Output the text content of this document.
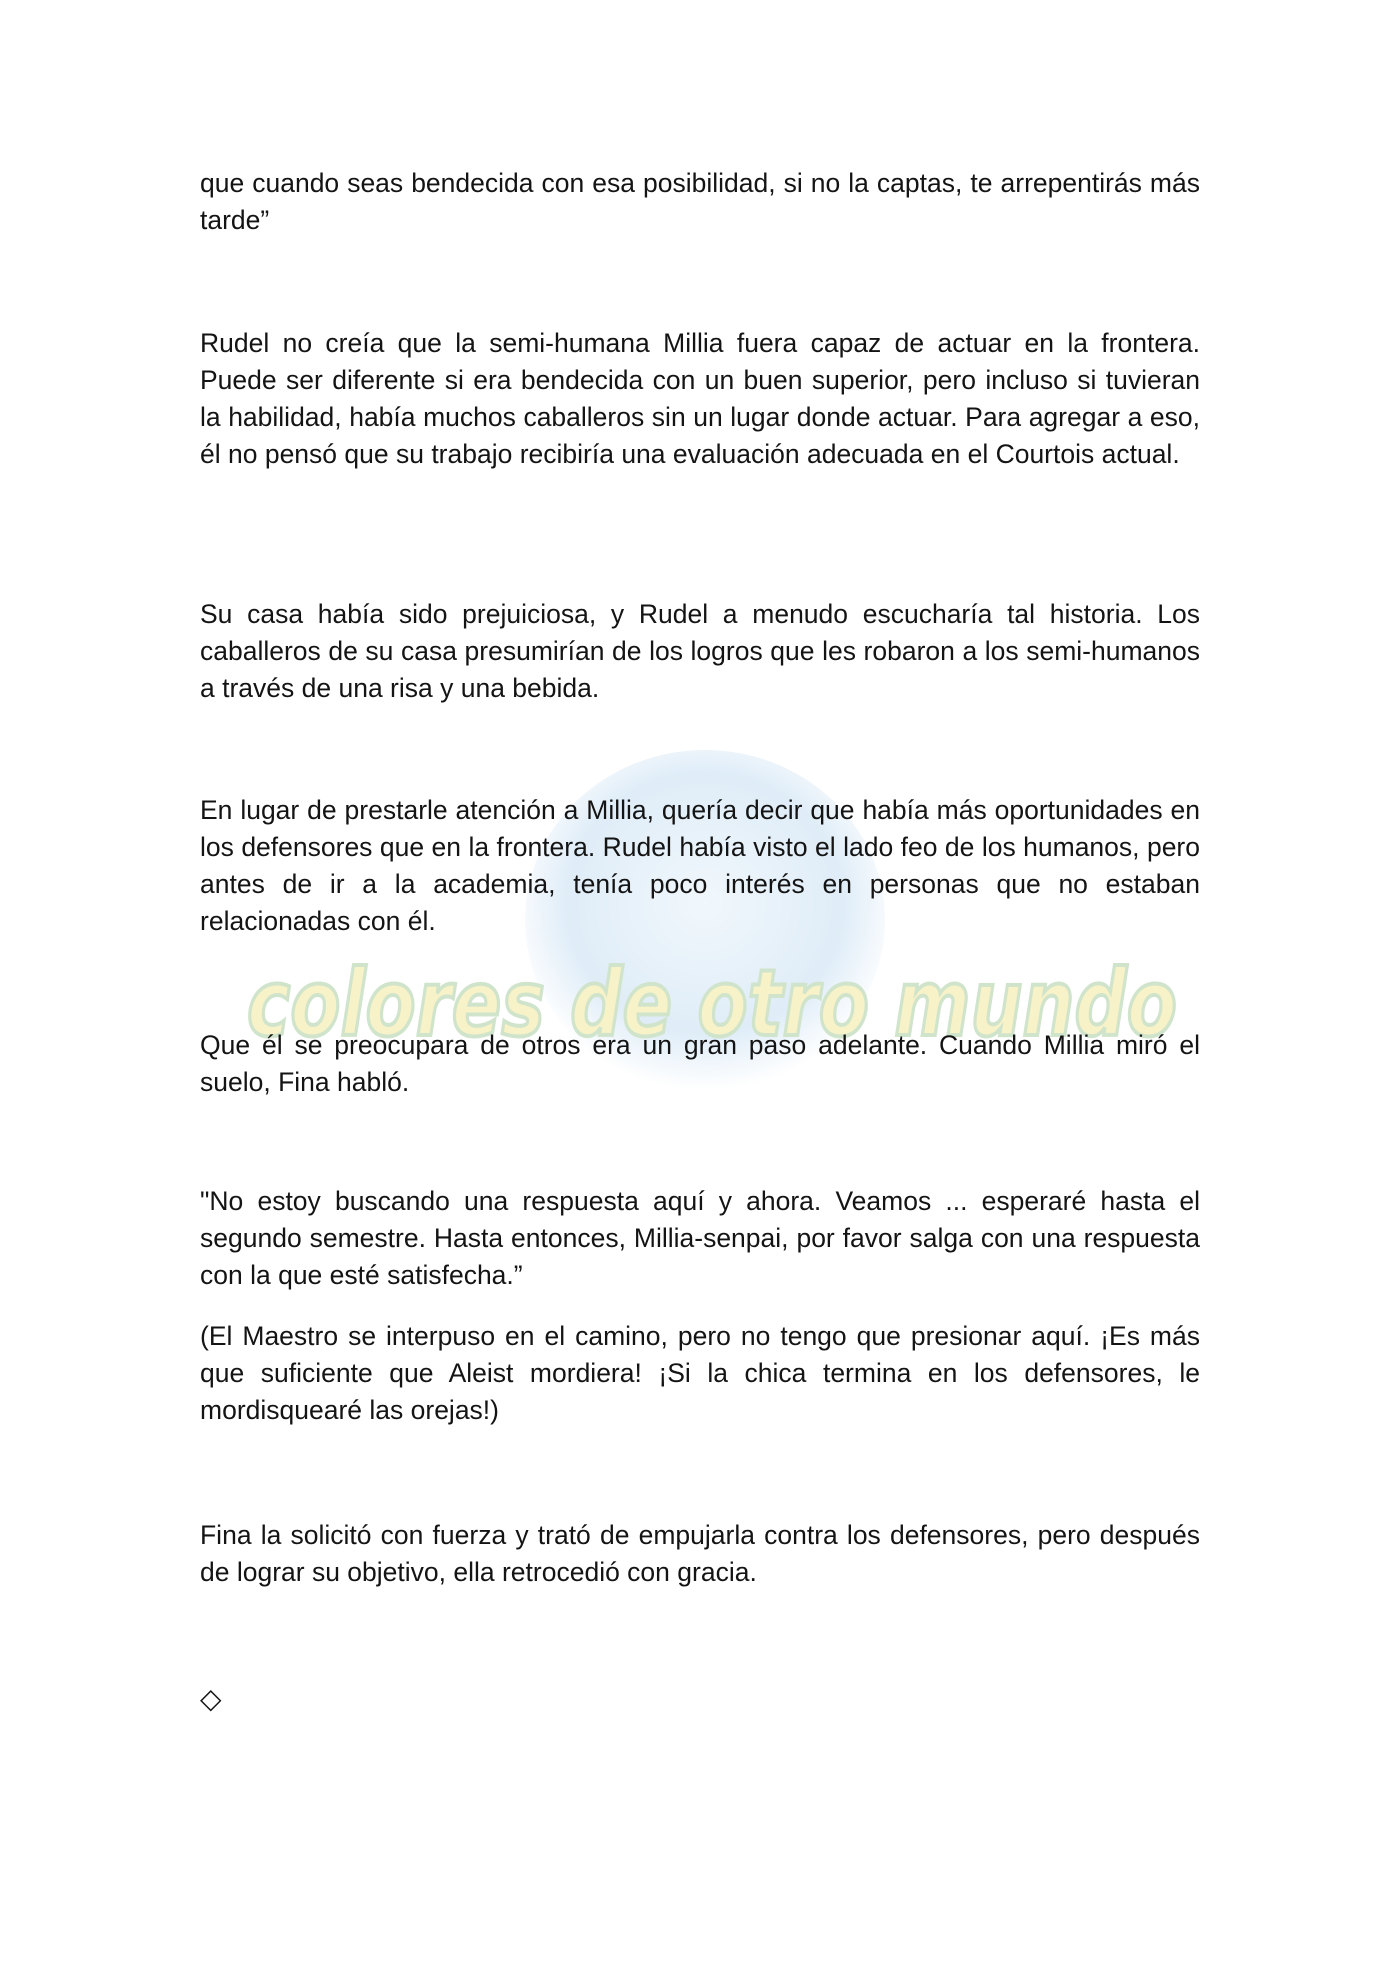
colores de otro mundo

que cuando seas bendecida con esa posibilidad, si no la captas, te arrepentirás más tarde”

Rudel no creía que la semi-humana Millia fuera capaz de actuar en la frontera. Puede ser diferente si era bendecida con un buen superior, pero incluso si tuvieran la habilidad, había muchos caballeros sin un lugar donde actuar. Para agregar a eso, él no pensó que su trabajo recibiría una evaluación adecuada en el Courtois actual.

Su casa había sido prejuiciosa, y Rudel a menudo escucharía tal historia. Los caballeros de su casa presumirían de los logros que les robaron a los semi-humanos a través de una risa y una bebida.

En lugar de prestarle atención a Millia, quería decir que había más oportunidades en los defensores que en la frontera. Rudel había visto el lado feo de los humanos, pero antes de ir a la academia, tenía poco interés en personas que no estaban relacionadas con él.

Que él se preocupara de otros era un gran paso adelante. Cuando Millia miró el suelo, Fina habló.

"No estoy buscando una respuesta aquí y ahora. Veamos ... esperaré hasta el segundo semestre. Hasta entonces, Millia-senpai, por favor salga con una respuesta con la que esté satisfecha.”

(El Maestro se interpuso en el camino, pero no tengo que presionar aquí. ¡Es más que suficiente que Aleist mordiera! ¡Si la chica termina en los defensores, le mordisquearé las orejas!)

Fina la solicitó con fuerza y trató de empujarla contra los defensores, pero después de lograr su objetivo, ella retrocedió con gracia.

◇
